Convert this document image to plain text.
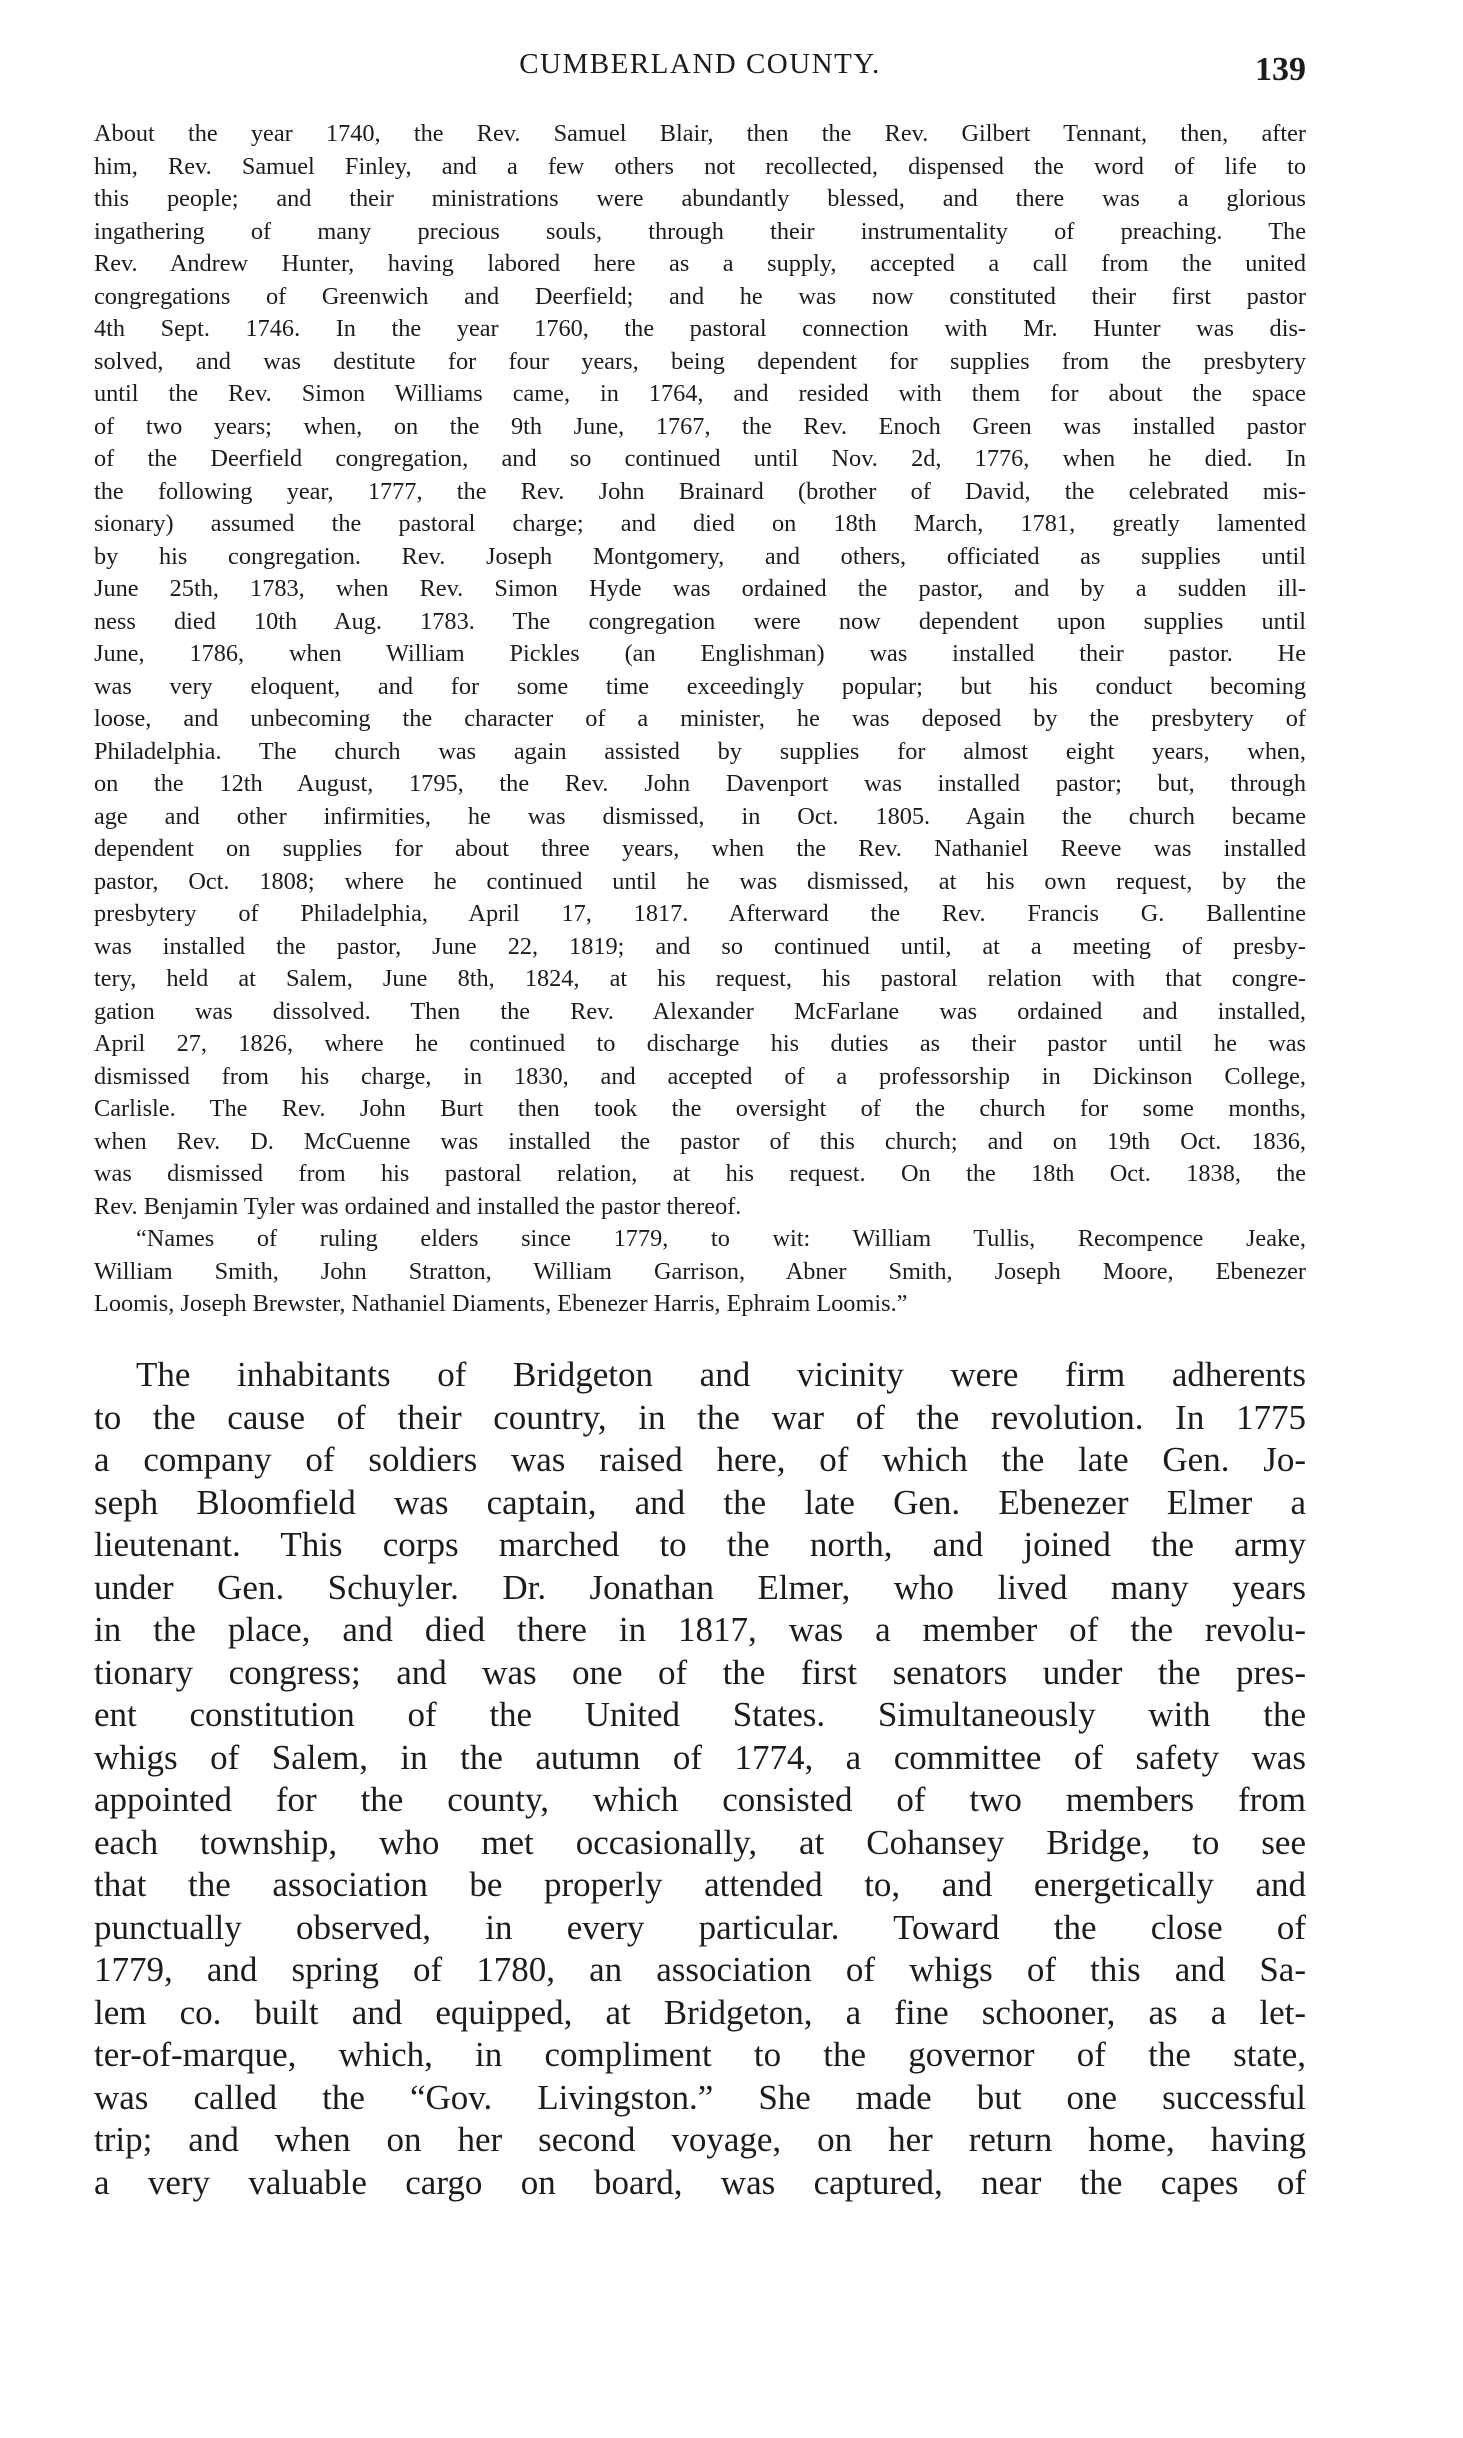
CUMBERLAND COUNTY.	139
About the year 1740, the Rev. Samuel Blair, then the Rev. Gilbert Tennant, then, after
him, Rev. Samuel Finley, and a few others not recollected, dispensed the word of life to
this people; and their ministrations were abundantly blessed, and there was a glorious
ingathering of many precious souls, through their instrumentality of preaching. The
Rev. Andrew Hunter, having labored here as a supply, accepted a call from the united
congregations of Greenwich and Deerfield; and he was now constituted their first pastor
4th Sept. 1746. In the year 1760, the pastoral connection with Mr. Hunter was dis-
solved, and was destitute for four years, being dependent for supplies from the presbytery
until the Rev. Simon Williams came, in 1764, and resided with them for about the space
of two years; when, on the 9th June, 1767, the Rev. Enoch Green was installed pastor
of the Deerfield congregation, and so continued until Nov. 2d, 1776, when he died. In
the following year, 1777, the Rev. John Brainard (brother of David, the celebrated mis-
sionary) assumed the pastoral charge; and died on 18th March, 1781, greatly lamented
by his congregation. Rev. Joseph Montgomery, and others, officiated as supplies until
June 25th, 1783, when Rev. Simon Hyde was ordained the pastor, and by a sudden ill-
ness died 10th Aug. 1783. The congregation were now dependent upon supplies until
June, 1786, when William Pickles (an Englishman) was installed their pastor. He
was very eloquent, and for some time exceedingly popular; but his conduct becoming
loose, and unbecoming the character of a minister, he was deposed by the presbytery of
Philadelphia. The church was again assisted by supplies for almost eight years, when,
on the 12th August, 1795, the Rev. John Davenport was installed pastor; but, through
age and other infirmities, he was dismissed, in Oct. 1805. Again the church became
dependent on supplies for about three years, when the Rev. Nathaniel Reeve was installed
pastor, Oct. 1808; where he continued until he was dismissed, at his own request, by the
presbytery of Philadelphia, April 17, 1817. Afterward the Rev. Francis G. Ballentine
was installed the pastor, June 22, 1819; and so continued until, at a meeting of presby-
tery, held at Salem, June 8th, 1824, at his request, his pastoral relation with that congre-
gation was dissolved. Then the Rev. Alexander McFarlane was ordained and installed,
April 27, 1826, where he continued to discharge his duties as their pastor until he was
dismissed from his charge, in 1830, and accepted of a professorship in Dickinson College,
Carlisle. The Rev. John Burt then took the oversight of the church for some months,
when Rev. D. McCuenne was installed the pastor of this church; and on 19th Oct. 1836,
was dismissed from his pastoral relation, at his request. On the 18th Oct. 1838, the
Rev. Benjamin Tyler was ordained and installed the pastor thereof.
“Names of ruling elders since 1779, to wit: William Tullis, Recompence Jeake,
William Smith, John Stratton, William Garrison, Abner Smith, Joseph Moore, Ebenezer
Loomis, Joseph Brewster, Nathaniel Diaments, Ebenezer Harris, Ephraim Loomis.”
The inhabitants of Bridgeton and vicinity were firm adherents
to the cause of their country, in the war of the revolution. In 1775
a company of soldiers was raised here, of which the late Gen. Jo-
seph Bloomfield was captain, and the late Gen. Ebenezer Elmer a
lieutenant. This corps marched to the north, and joined the army
under Gen. Schuyler. Dr. Jonathan Elmer, who lived many years
in the place, and died there in 1817, was a member of the revolu-
tionary congress; and was one of the first senators under the pres-
ent constitution of the United States. Simultaneously with the
whigs of Salem, in the autumn of 1774, a committee of safety was
appointed for the county, which consisted of two members from
each township, who met occasionally, at Cohansey Bridge, to see
that the association be properly attended to, and energetically and
punctually observed, in every particular. Toward the close of
1779, and spring of 1780, an association of whigs of this and Sa-
lem co. built and equipped, at Bridgeton, a fine schooner, as a let-
ter-of-marque, which, in compliment to the governor of the state,
was called the “Gov. Livingston.” She made but one successful
trip; and when on her second voyage, on her return home, having
a very valuable cargo on board, was captured, near the capes of
